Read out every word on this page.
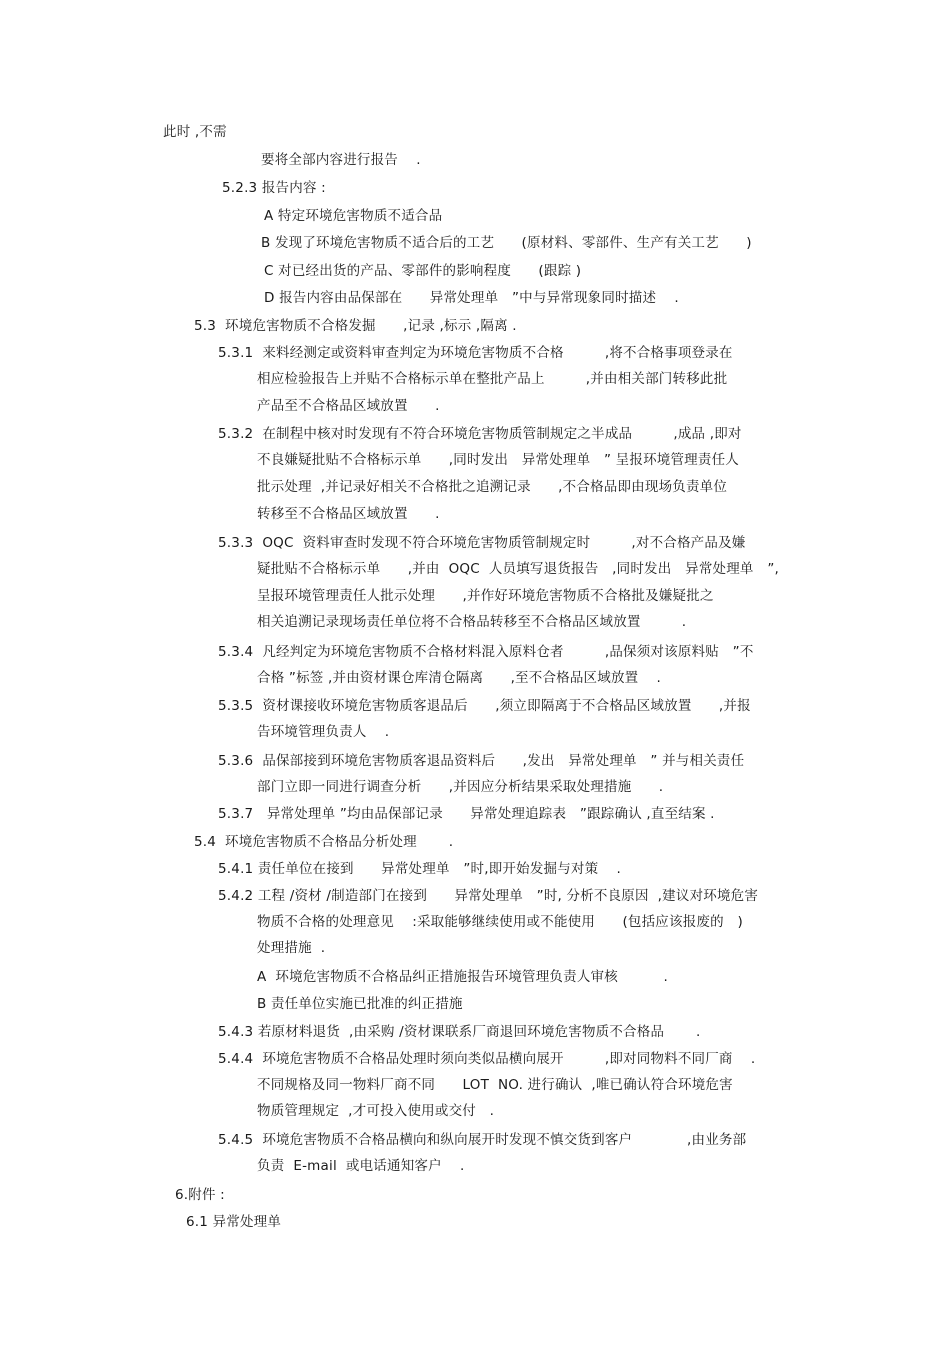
此时 ,不需
要将全部内容进行报告　 .
5.2.3 报告内容 :
A 特定环境危害物质不适合品
B 发现了环境危害物质不适合后的工艺　　(原材料、零部件、生产有关工艺　　)
C 对已经出货的产品、零部件的影响程度　　(跟踪 )
D 报告内容由品保部在　　异常处理单　”中与异常现象同时描述　 .
5.3  环境危害物质不合格发掘　　,记录 ,标示 ,隔离 .
5.3.1  来料经测定或资料审查判定为环境危害物质不合格　　　,将不合格事项登录在
相应检验报告上并贴不合格标示单在整批产品上　　　,并由相关部门转移此批
产品至不合格品区域放置　　.
5.3.2  在制程中核对时发现有不符合环境危害物质管制规定之半成品　　　,成品 ,即对
不良嫌疑批贴不合格标示单　　,同时发出　异常处理单　” 呈报环境管理责任人
批示处理  ,并记录好相关不合格批之追溯记录　　,不合格品即由现场负责单位
转移至不合格品区域放置　　.
5.3.3  OQC  资料审查时发现不符合环境危害物质管制规定时　　　,对不合格产品及嫌
疑批贴不合格标示单　　,并由  OQC  人员填写退货报告　,同时发出　异常处理单　”,
呈报环境管理责任人批示处理　　,并作好环境危害物质不合格批及嫌疑批之
相关追溯记录现场责任单位将不合格品转移至不合格品区域放置　　　.
5.3.4  凡经判定为环境危害物质不合格材料混入原料仓者　　　,品保须对该原料贴　”不
合格 ”标签 ,并由资材课仓库清仓隔离　　,至不合格品区域放置　 .
5.3.5  资材课接收环境危害物质客退品后　　,须立即隔离于不合格品区域放置　　,并报
告环境管理负责人　 .
5.3.6  品保部接到环境危害物质客退品资料后　　,发出　异常处理单　” 并与相关责任
部门立即一同进行调查分析　　,并因应分析结果采取处理措施　　.
5.3.7   异常处理单 ”均由品保部记录　　异常处理追踪表　”跟踪确认 ,直至结案 .
5.4  环境危害物质不合格品分析处理　　 .
5.4.1 责任单位在接到　　异常处理单　”时,即开始发掘与对策　 .
5.4.2 工程 /资材 /制造部门在接到　　异常处理单　”时, 分析不良原因  ,建议对环境危害
物质不合格的处理意见　 :采取能够继续使用或不能使用　　(包括应该报废的　)
处理措施  .
A  环境危害物质不合格品纠正措施报告环境管理负责人审核　　　 .
B 责任单位实施已批准的纠正措施
5.4.3 若原材料退货  ,由采购 /资材课联系厂商退回环境危害物质不合格品　　 .
5.4.4  环境危害物质不合格品处理时须向类似品横向展开　　　,即对同物料不同厂商　 .
不同规格及同一物料厂商不同　　LOT  NO. 进行确认  ,唯已确认符合环境危害
物质管理规定  ,才可投入使用或交付　.
5.4.5  环境危害物质不合格品横向和纵向展开时发现不慎交货到客户　　　　,由业务部
负责  E-mail  或电话通知客户　 .
6.附件 :
6.1 异常处理单
